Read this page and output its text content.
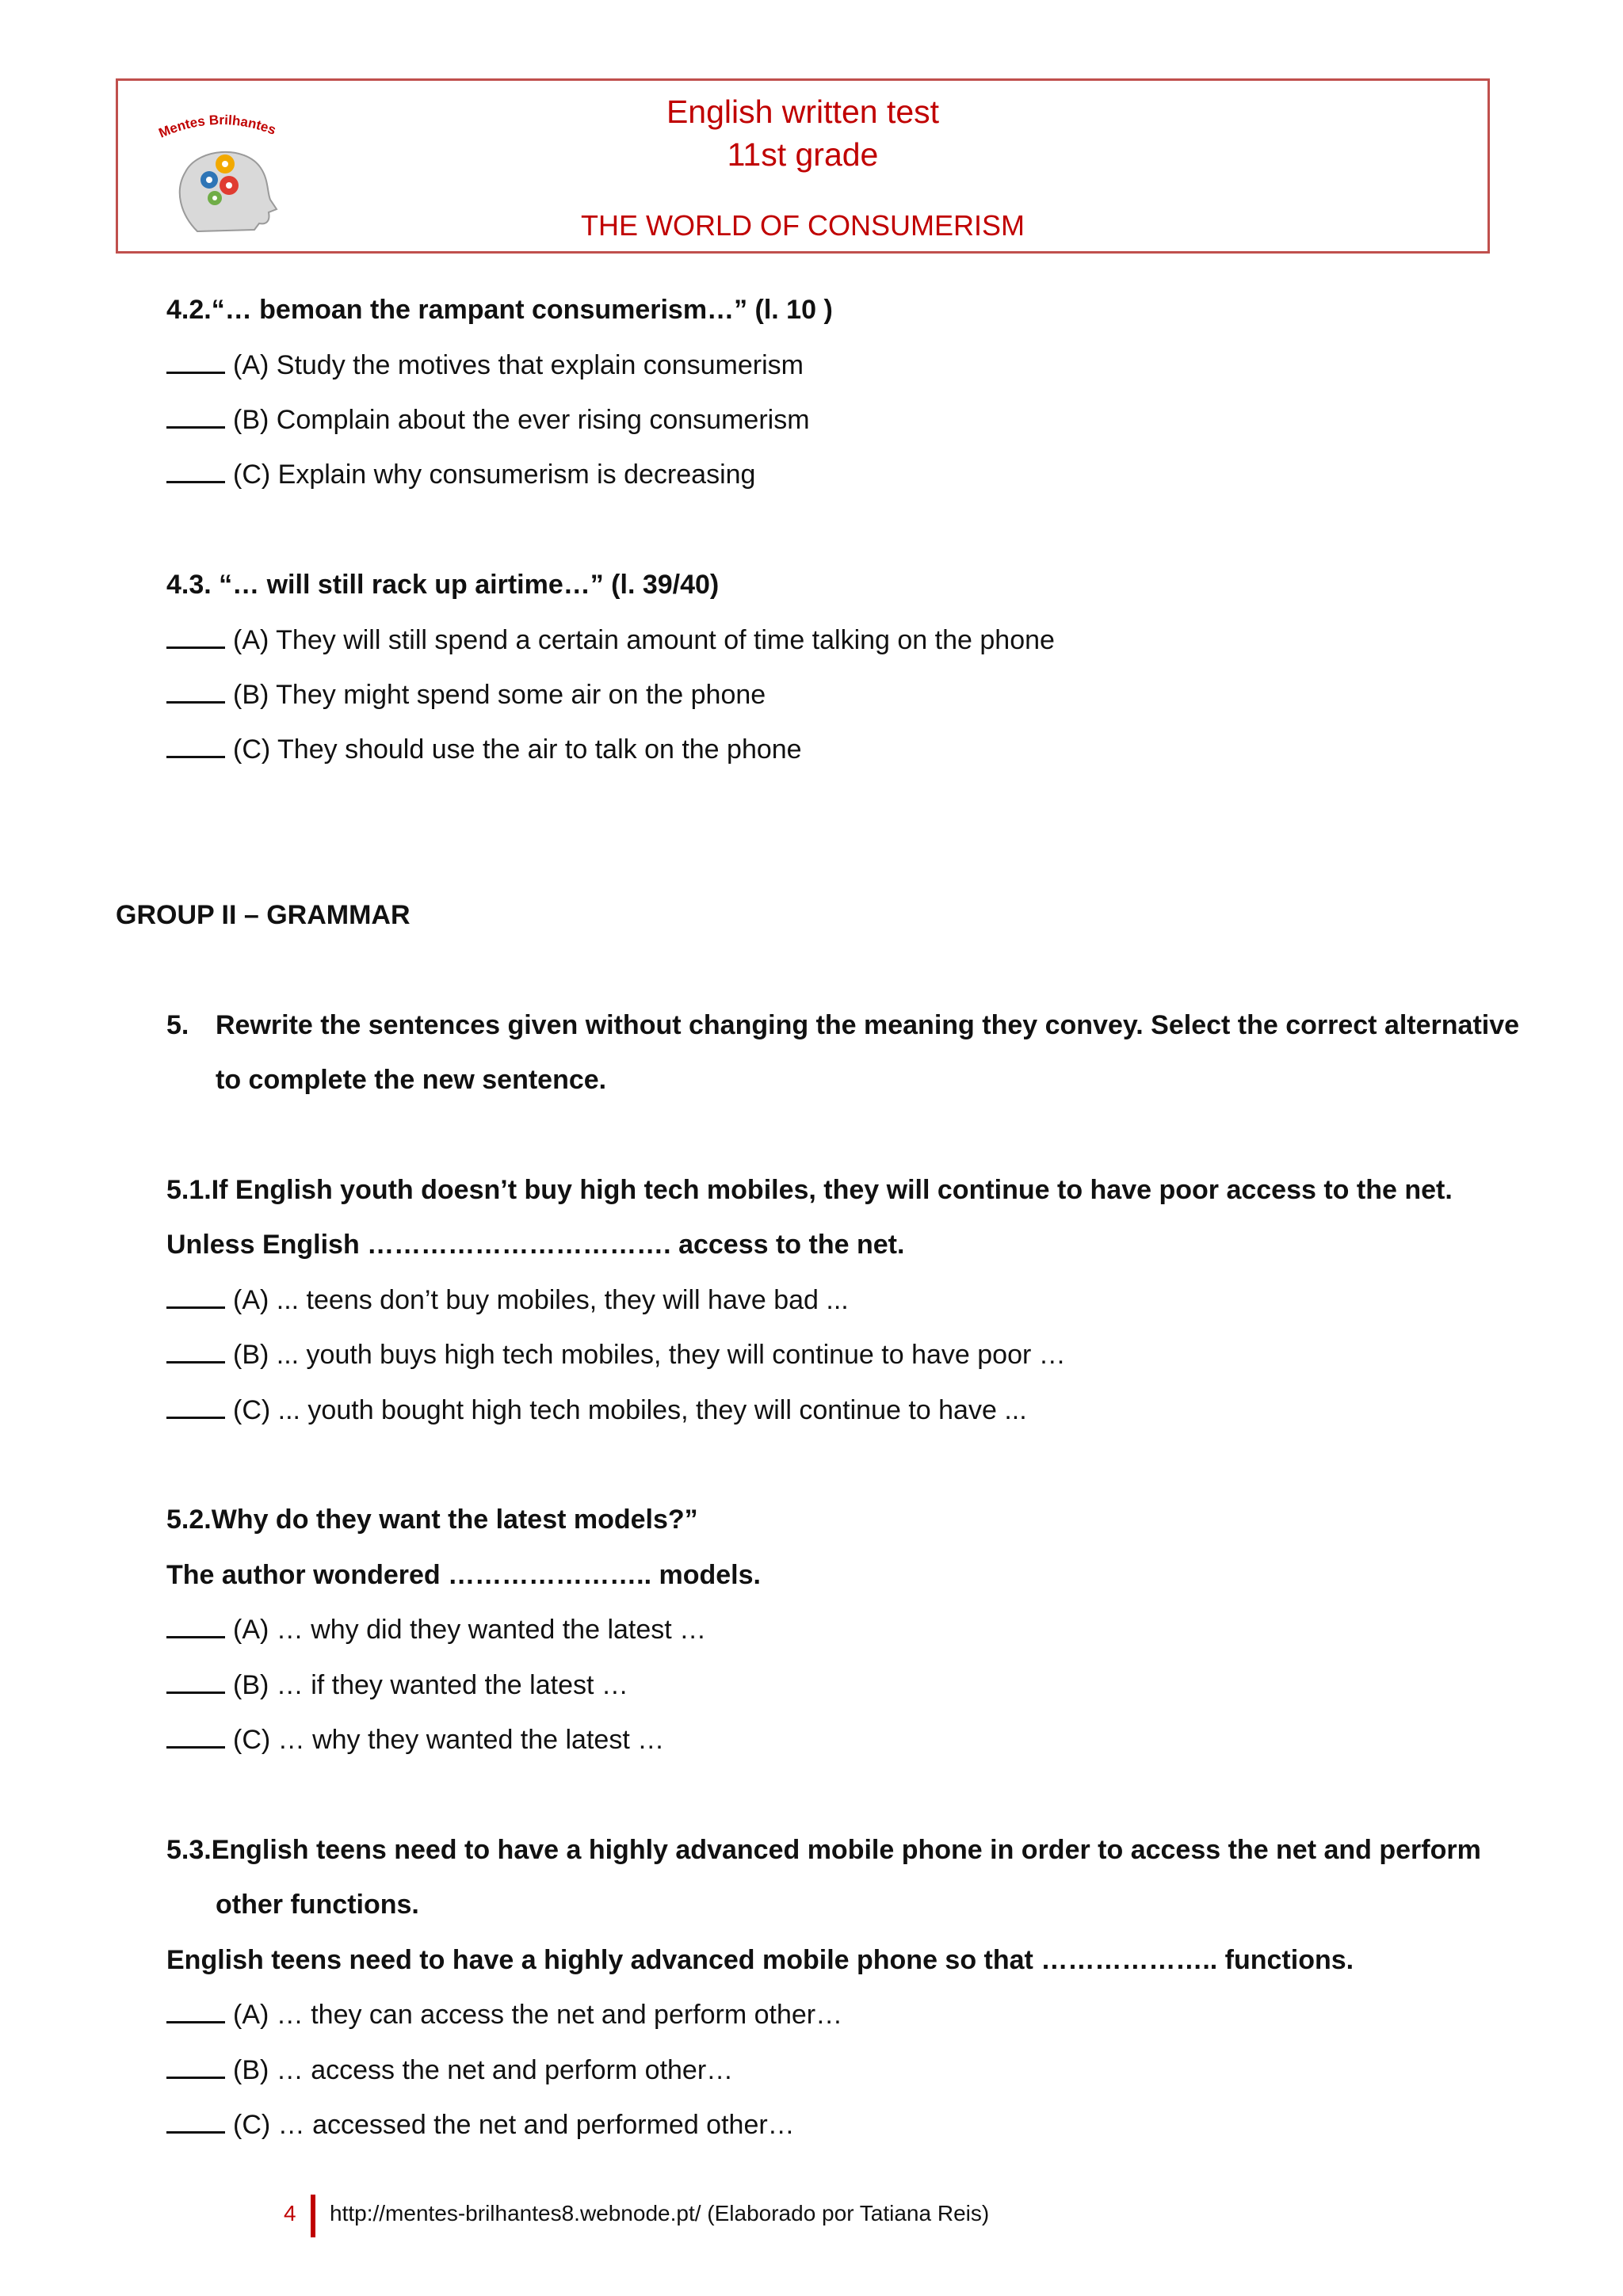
Mentes Brilhantes	English written test
11st grade
THE WORLD OF CONSUMERISM
4.2.“… bemoan the rampant consumerism…” (l. 10 )
(A) Study the motives that explain consumerism
(B) Complain about the ever rising consumerism
(C) Explain why consumerism is decreasing
4.3. “… will still rack up airtime…” (l. 39/40)
(A) They will still spend a certain amount of time talking on the phone
(B) They might spend some air on the phone
(C) They should use the air to talk on the phone
GROUP II – GRAMMAR
5. Rewrite the sentences given without changing the meaning they convey. Select the correct alternative
to complete the new sentence.
5.1.If English youth doesn’t buy high tech mobiles, they will continue to have poor access to the net.
Unless English ……………………………. access to the net.
(A) ... teens don’t buy mobiles, they will have bad ...
(B) ... youth buys high tech mobiles, they will continue to have poor …
(C) ... youth bought high tech mobiles, they will continue to have ...
5.2.Why do they want the latest models?”
The author wondered ………………….. models.
(A) … why did they wanted the latest …
(B) … if they wanted the latest …
(C) … why they wanted the latest …
5.3.English teens need to have a highly advanced mobile phone in order to access the net and perform
other functions.
English teens need to have a highly advanced mobile phone so that ……………….. functions.
(A) … they can access the net and perform other…
(B) … access the net and perform other…
(C) … accessed the net and performed other…
4 http://mentes-brilhantes8.webnode.pt/ (Elaborado por Tatiana Reis)
